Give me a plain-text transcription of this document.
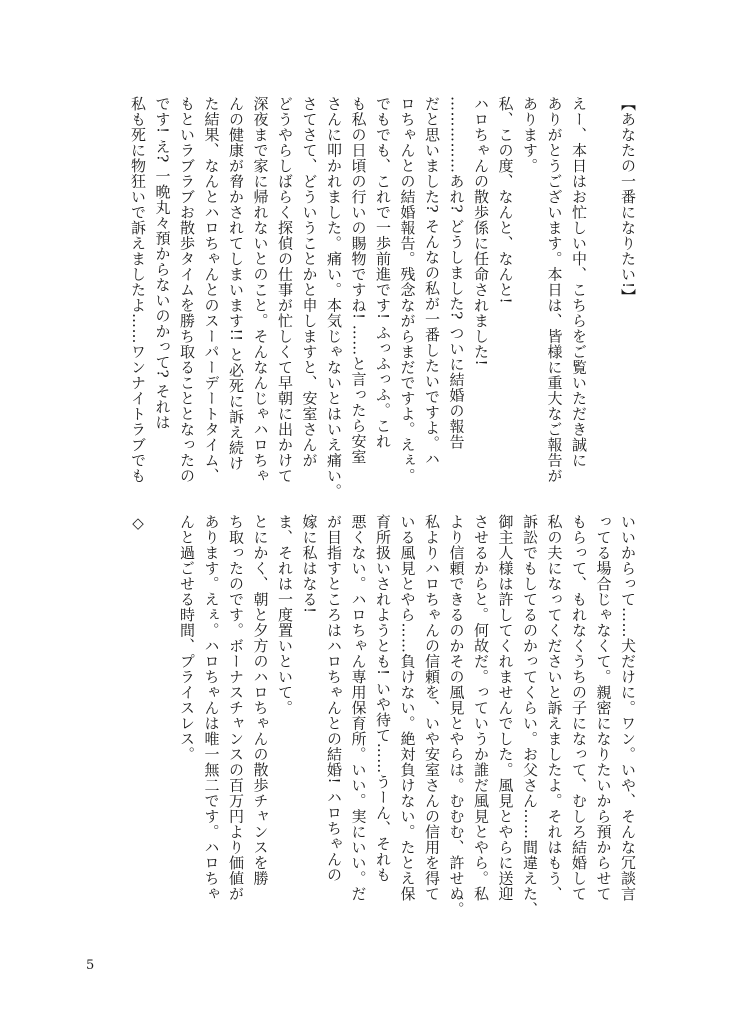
【あなたの一番になりたい!】

えー、本日はお忙しい中、こちらをご覧いただき誠に
ありがとうございます。本日は、皆様に重大なご報告が
あります。
私、この度、なんと、なんと!
ハロちゃんの散歩係に任命されました!
……………あれ? どうしました? ついに結婚の報告
だと思いました? そんなの私が一番したいですよ。ハ
ロちゃんとの結婚報告。残念ながらまだですよ。えぇ。
でもでも、これで一歩前進です! ふっふっふ。これ
も私の日頃の行いの賜物ですね! ……と言ったら安室
さんに叩かれました。痛い。本気じゃないとはいえ痛い。
さてさて、どういうことかと申しますと、安室さんが
どうやらしばらく探偵の仕事が忙しくて早朝に出かけて
深夜まで家に帰れないとのこと。そんなんじゃハロちゃ
んの健康が脅かされてしまいます!! と必死に訴え続け
た結果、なんとハロちゃんとのスーパーデートタイム、
もといラブラブお散歩タイムを勝ち取ることとなったの
です! え? 一晩丸々預からないのかって? それは
私も死に物狂いで訴えましたよ……ワンナイトラブでも
いいからって……犬だけに。ワン。いや、そんな冗談言
ってる場合じゃなくて。親密になりたいから預からせて
もらって、もれなくうちの子になって、むしろ結婚して
私の夫になってくださいと訴えましたよ。それはもう、
訴訟でもしてるのかってくらい。お父さん……間違えた、
御主人様は許してくれませんでした。風見とやらに送迎
させるからと。何故だ。っていうか誰だ風見とやら。私
より信頼できるのかその風見とやらは。むむむ、許せぬ。
私よりハロちゃんの信頼を、いや安室さんの信用を得て
いる風見とやら……負けない。絶対負けない。たとえ保
育所扱いされようとも! いや待て……うーん、それも
悪くない。ハロちゃん専用保育所。いい。実にいい。だ
が目指すところはハロちゃんとの結婚! ハロちゃんの
嫁に私はなる!
ま、それは一度置いといて。
とにかく、朝と夕方のハロちゃんの散歩チャンスを勝
ち取ったのです。ボーナスチャンスの百万円より価値が
あります。えぇ。ハロちゃんは唯一無二です。ハロちゃ
んと過ごせる時間、プライスレス。

◇
5
